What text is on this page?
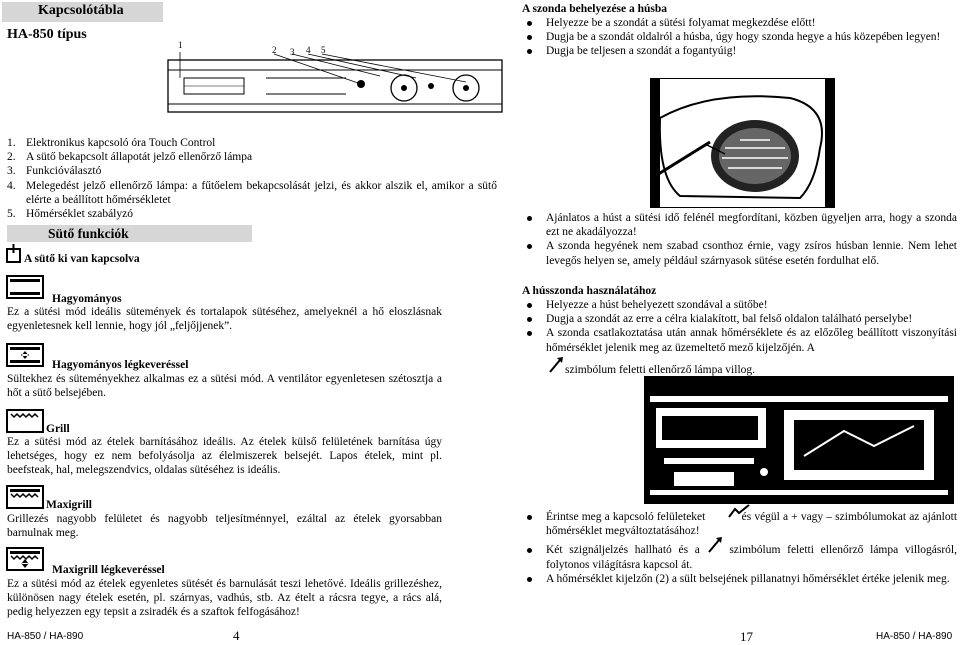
Kapcsolótábla
HA-850 típus
1	2 3 4 5
1. Elektronikus kapcsoló óra Touch Control
2. A sütő bekapcsolt állapotát jelző ellenőrző lámpa
3. Funkcióválasztó
4. Melegedést jelző ellenőrző lámpa: a fűtőelem bekapcsolását jelzi, és akkor alszik el, amikor a sütő elérte a beállított hőmérsékletet
5. Hőmérséklet szabályzó
Sütő funkciók
A sütő ki van kapcsolva
Hagyományos
Ez a sütési mód ideális sütemények és tortalapok sütéséhez, amelyeknél a hő eloszlásnak egyenletesnek kell lennie, hogy jól „feljőjjenek”.
Hagyományos légkeveréssel
Sültekhez és süteményekhez alkalmas ez a sütési mód. A ventilátor egyenletesen szétosztja a hőt a sütő belsejében.
Grill
Ez a sütési mód az ételek barnításához ideális. Az ételek külső felületének barnítása úgy lehetséges, hogy ez nem befolyásolja az élelmiszerek belsejét. Lapos ételek, mint pl. beefsteak, hal, melegszendvics, oldalas sütéséhez is ideális.
Maxigrill
Grillezés nagyobb felületet és nagyobb teljesítménnyel, ezáltal az ételek gyorsabban barnulnak meg.
Maxigrill légkeveréssel
Ez a sütési mód az ételek egyenletes sütését és barnulását teszi lehetővé. Ideális grillezéshez, különösen nagy ételek esetén, pl. szárnyas, vadhús, stb. Az ételt a rácsra tegye, a rács alá, pedig helyezzen egy tepsit a zsiradék és a szaftok felfogásához!
HA-850 / HA-890	4
A szonda behelyezése a húsba
Helyezze be a szondát a sütési folyamat megkezdése előtt!
Dugja be a szondát oldalról a húsba, úgy hogy szonda hegye a hús közepében legyen!
Dugja be teljesen a szondát a fogantyúig!
Ajánlatos a húst a sütési idő felénél megfordítani, közben ügyeljen arra, hogy a szonda ezt ne akadályozza!
A szonda hegyének nem szabad csonthoz érnie, vagy zsíros húsban lennie. Nem lehet levegős helyen se, amely például szárnyasok sütése esetén fordulhat elő.
A hússzonda használatához
Helyezze a húst behelyezett szondával a sütőbe!
Dugja a szondát az erre a célra kialakított, bal felső oldalon található perselybe!
A szonda csatlakoztatása után annak hőmérséklete és az előzőleg beállított viszonyítási hőmérséklet jelenik meg az üzemeltető mező kijelzőjén. A
szimbólum feletti ellenőrző lámpa villog.
Érintse meg a kapcsoló felületeket	és végül a + vagy – szimbólumokat az ajánlott hőmérséklet megváltoztatásához!
Két szignáljelzés hallható és a	szimbólum feletti ellenőrző lámpa villogásról, folytonos világításra kapcsol át.
A hőmérséklet kijelzőn (2) a sült belsejének pillanatnyi hőmérséklet értéke jelenik meg.
17	HA-850 / HA-890
